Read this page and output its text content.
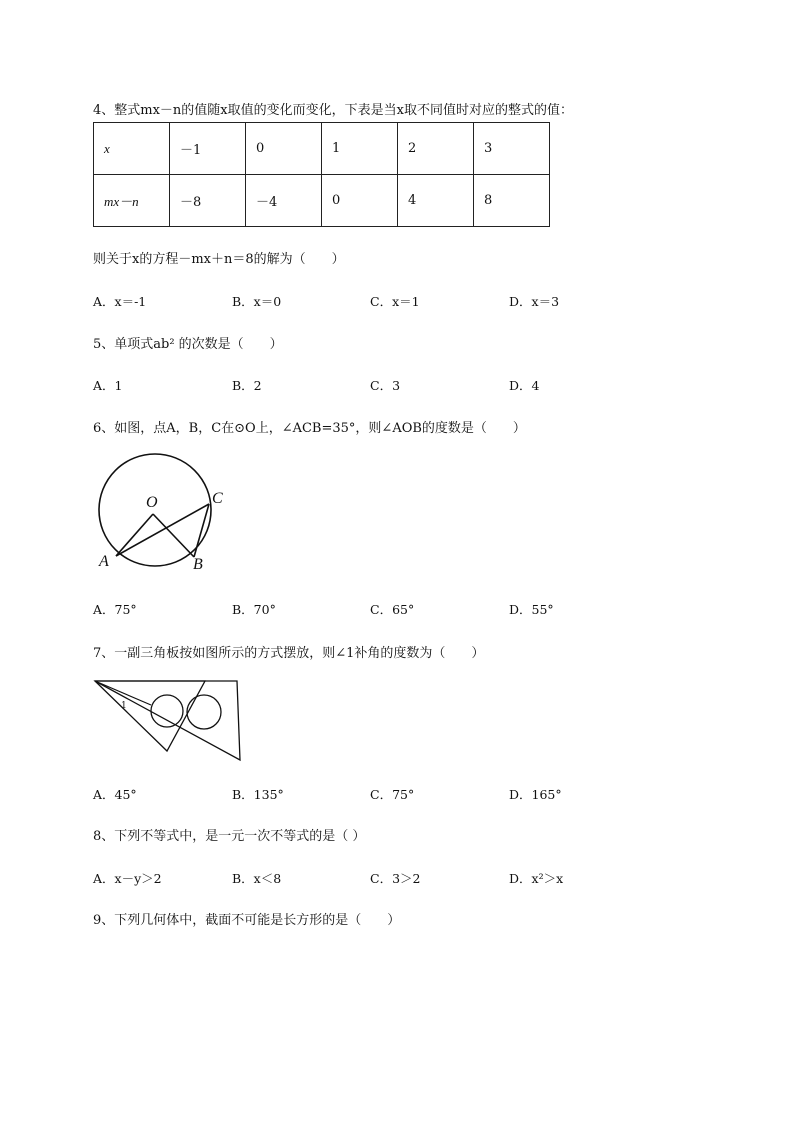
4、整式mx－n的值随x取值的变化而变化，下表是当x取不同值时对应的整式的值：
x	－1	0	1	2	3
mx－n	－8	－4	0	4	8
则关于x的方程－mx＋n＝8的解为（　　）
A．x＝-1	B．x＝0	C．x＝1	D．x＝3
5、单项式ab² 的次数是（　　）
A．1	B．2	C．3	D．4
6、如图，点A，B，C在⊙O上，∠ACB=35°，则∠AOB的度数是（　　）
O	C
A	B
A．75°	B．70°	C．65°	D．55°
7、一副三角板按如图所示的方式摆放，则∠1补角的度数为（　　）
1
A．45°	B．135°	C．75°	D．165°
8、下列不等式中，是一元一次不等式的是（ ）
A．x－y＞2	B．x＜8	C．3＞2	D．x²＞x
9、下列几何体中，截面不可能是长方形的是（　　）
